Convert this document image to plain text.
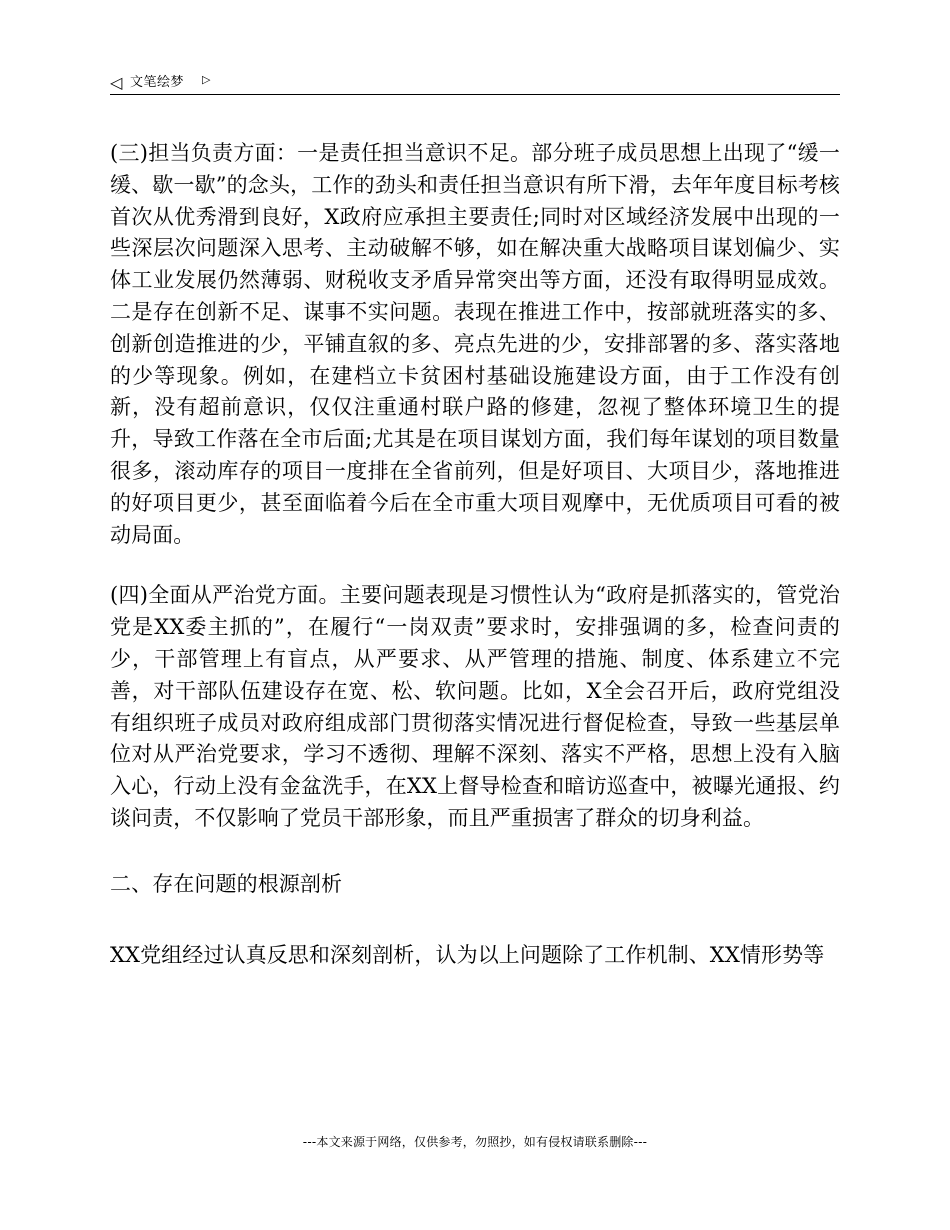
◁ 文笔绘梦 ▷

(三)担当负责方面：一是责任担当意识不足。部分班子成员思想上出现了“缓一缓、歇一歇”的念头，工作的劲头和责任担当意识有所下滑，去年年度目标考核首次从优秀滑到良好，X政府应承担主要责任;同时对区域经济发展中出现的一些深层次问题深入思考、主动破解不够，如在解决重大战略项目谋划偏少、实体工业发展仍然薄弱、财税收支矛盾异常突出等方面，还没有取得明显成效。二是存在创新不足、谋事不实问题。表现在推进工作中，按部就班落实的多、创新创造推进的少，平铺直叙的多、亮点先进的少，安排部署的多、落实落地的少等现象。例如，在建档立卡贫困村基础设施建设方面，由于工作没有创新，没有超前意识，仅仅注重通村联户路的修建，忽视了整体环境卫生的提升，导致工作落在全市后面;尤其是在项目谋划方面，我们每年谋划的项目数量很多，滚动库存的项目一度排在全省前列，但是好项目、大项目少，落地推进的好项目更少，甚至面临着今后在全市重大项目观摩中，无优质项目可看的被动局面。

(四)全面从严治党方面。主要问题表现是习惯性认为“政府是抓落实的，管党治党是XX委主抓的”，在履行“一岗双责”要求时，安排强调的多，检查问责的少，干部管理上有盲点，从严要求、从严管理的措施、制度、体系建立不完善，对干部队伍建设存在宽、松、软问题。比如，X全会召开后，政府党组没有组织班子成员对政府组成部门贯彻落实情况进行督促检查，导致一些基层单位对从严治党要求，学习不透彻、理解不深刻、落实不严格，思想上没有入脑入心，行动上没有金盆洗手，在XX上督导检查和暗访巡查中，被曝光通报、约谈问责，不仅影响了党员干部形象，而且严重损害了群众的切身利益。

二、存在问题的根源剖析

XX党组经过认真反思和深刻剖析，认为以上问题除了工作机制、XX情形势等

---本文来源于网络，仅供参考，勿照抄，如有侵权请联系删除---
